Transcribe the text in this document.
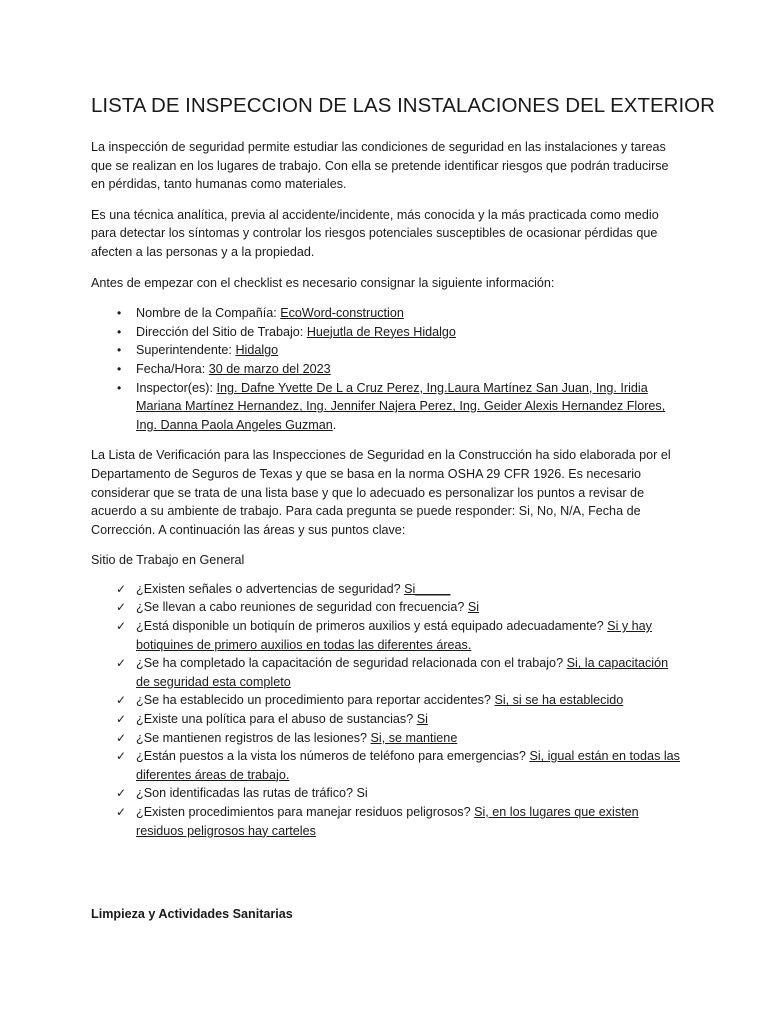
LISTA DE INSPECCION DE LAS INSTALACIONES DEL EXTERIOR

La inspección de seguridad permite estudiar las condiciones de seguridad en las instalaciones y tareas que se realizan en los lugares de trabajo. Con ella se pretende identificar riesgos que podrán traducirse en pérdidas, tanto humanas como materiales.

Es una técnica analítica, previa al accidente/incidente, más conocida y la más practicada como medio para detectar los síntomas y controlar los riesgos potenciales susceptibles de ocasionar pérdidas que afecten a las personas y a la propiedad.

Antes de empezar con el checklist es necesario consignar la siguiente información:

• Nombre de la Compañía: EcoWord-construction
• Dirección del Sitio de Trabajo: Huejutla de Reyes Hidalgo
• Superintendente: Hidalgo
• Fecha/Hora: 30 de marzo del 2023
• Inspector(es): Ing. Dafne Yvette De L a Cruz Perez, Ing.Laura Martínez San Juan, Ing. Iridia Mariana Martínez Hernandez, Ing. Jennifer Najera Perez, Ing. Geider Alexis Hernandez Flores, Ing. Danna Paola Angeles Guzman.

La Lista de Verificación para las Inspecciones de Seguridad en la Construcción ha sido elaborada por el Departamento de Seguros de Texas y que se basa en la norma OSHA 29 CFR 1926. Es necesario considerar que se trata de una lista base y que lo adecuado es personalizar los puntos a revisar de acuerdo a su ambiente de trabajo. Para cada pregunta se puede responder: Si, No, N/A, Fecha de Corrección. A continuación las áreas y sus puntos clave:

Sitio de Trabajo en General
✓ ¿Existen señales o advertencias de seguridad? Si_____
✓ ¿Se llevan a cabo reuniones de seguridad con frecuencia? Si
✓ ¿Está disponible un botiquín de primeros auxilios y está equipado adecuadamente? Si y hay botiquines de primero auxilios en todas las diferentes áreas.
✓ ¿Se ha completado la capacitación de seguridad relacionada con el trabajo? Si, la capacitación de seguridad esta completo
✓ ¿Se ha establecido un procedimiento para reportar accidentes? Si, si se ha establecido
✓ ¿Existe una política para el abuso de sustancias? Si
✓ ¿Se mantienen registros de las lesiones? Si, se mantiene
✓ ¿Están puestos a la vista los números de teléfono para emergencias? Si, igual están en todas las diferentes áreas de trabajo.
✓ ¿Son identificadas las rutas de tráfico? Si
✓ ¿Existen procedimientos para manejar residuos peligrosos? Si, en los lugares que existen residuos peligrosos hay carteles
Limpieza y Actividades Sanitarias
